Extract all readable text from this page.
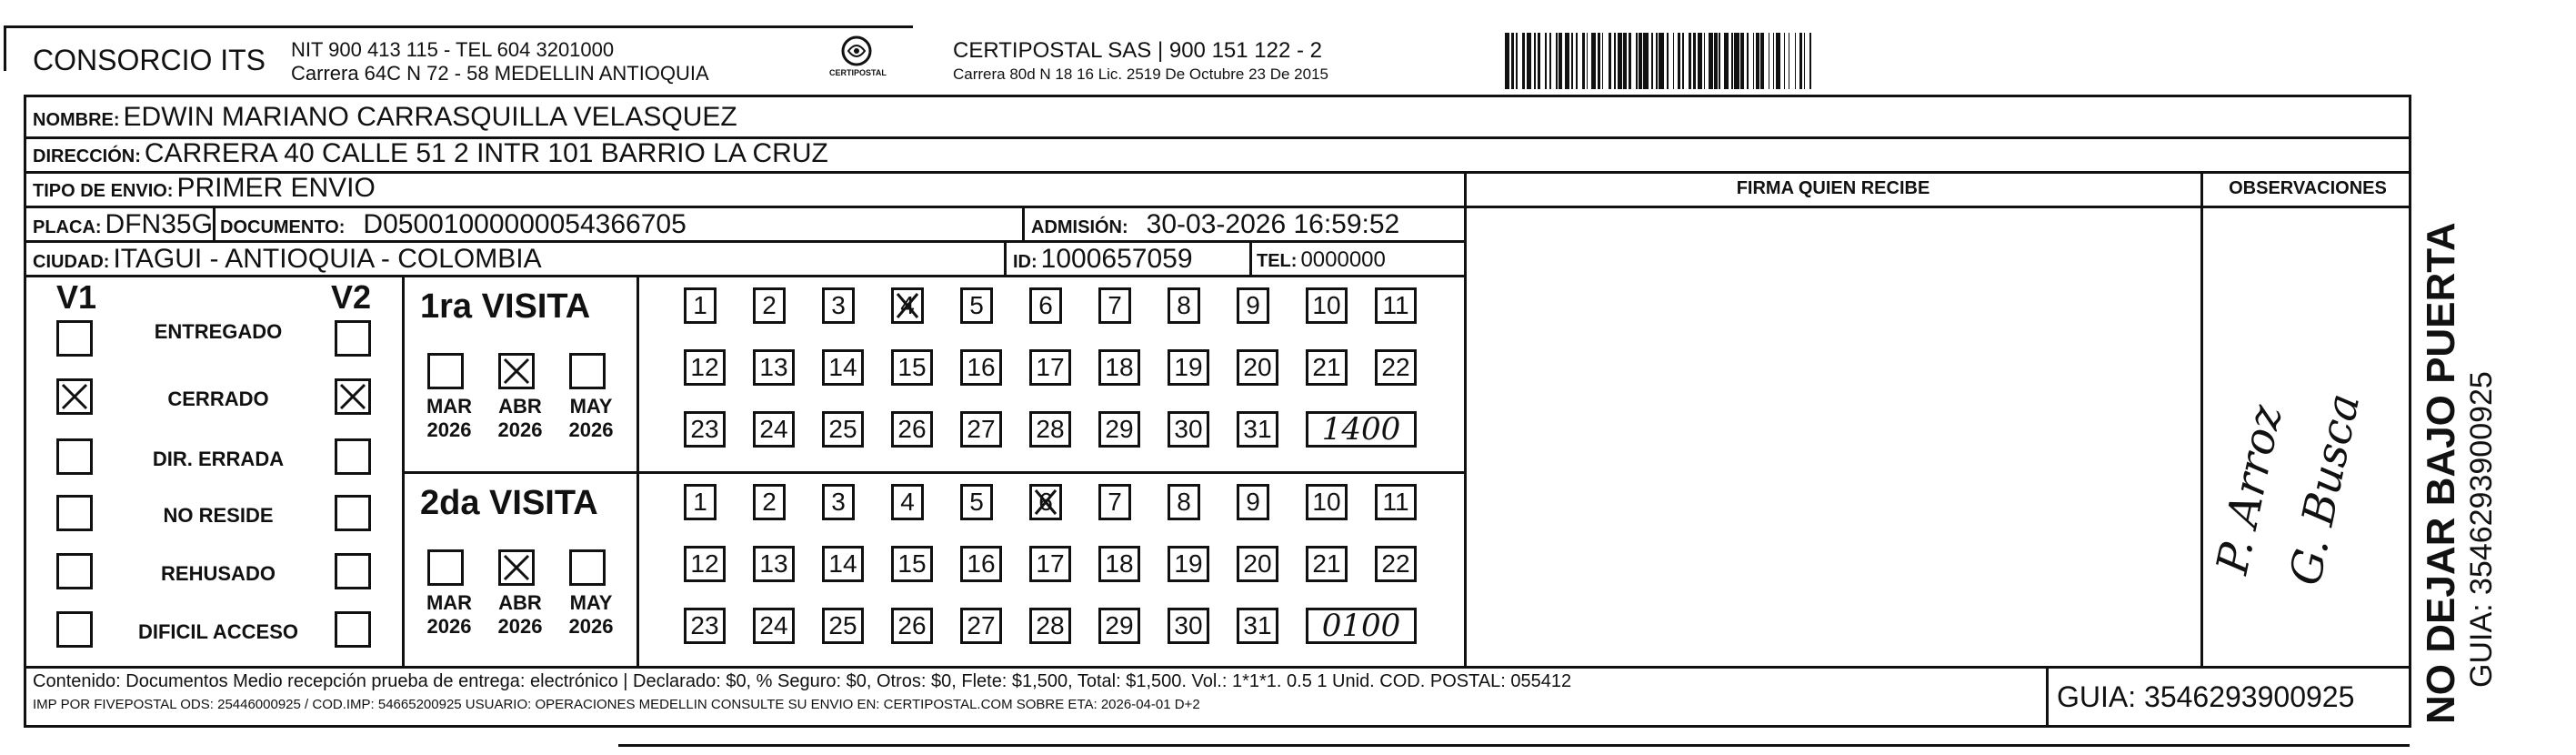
CONSORCIO ITS NIT 900 413 115 - TEL 604 3201000
Carrera 64C N 72 - 58 MEDELLIN ANTIOQUIA	CERTIPOSTAL
CERTIPOSTAL SAS | 900 151 122 - 2
Carrera 80d N 18 16 Lic. 2519 De Octubre 23 De 2015
NOMBRE: EDWIN MARIANO CARRASQUILLA VELASQUEZ
DIRECCIÓN: CARRERA 40 CALLE 51 2 INTR 101 BARRIO LA CRUZ
TIPO DE ENVIO: PRIMER ENVIO	FIRMA QUIEN RECIBE	OBSERVACIONES
PLACA: DFN35G DOCUMENTO: D05001000000054366705	ADMISIÓN: 30-03-2026 16:59:52
CIUDAD: ITAGUI - ANTIOQUIA - COLOMBIA	ID: 1000657059	TEL: 0000000
V1	V2
ENTREGADO
CERRADO
DIR. ERRADA
NO RESIDE
REHUSADO
DIFICIL ACCESO
1ra VISITA
MAR
2026
ABR
2026
MAY
2026
1 2 3 4 5 6 7 8 9 10 11
12 13 14 15 16 17 18 19 20 21 22
23 24 25 26 27 28 29 30 31	1400
2da VISITA
MAR
2026
ABR
2026
MAY
2026
1 2 3 4 5 6 7 8 9 10 11
12 13 14 15 16 17 18 19 20 21 22
23 24 25 26 27 28 29 30 31	0100
P. Arroz
G. Busca NO DEJAR BAJO PUERTA GUIA: 3546293900925
Contenido: Documentos Medio recepción prueba de entrega: electrónico | Declarado: $0, % Seguro: $0, Otros: $0, Flete: $1,500, Total: $1,500. Vol.: 1*1*1. 0.5 1 Unid. COD. POSTAL: 055412
IMP POR FIVEPOSTAL ODS: 25446000925 / COD.IMP: 54665200925 USUARIO: OPERACIONES MEDELLIN CONSULTE SU ENVIO EN: CERTIPOSTAL.COM SOBRE ETA: 2026-04-01 D+2	GUIA: 3546293900925
